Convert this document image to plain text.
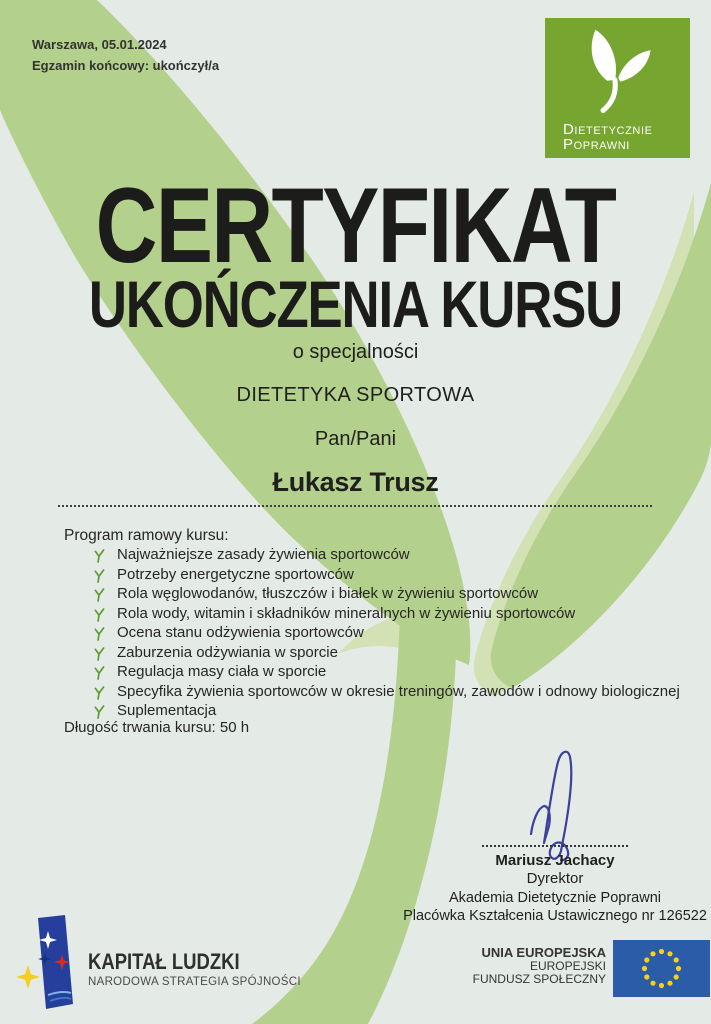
Warszawa, 05.01.2024
Egzamin końcowy: ukończył/a
Dietetycznie
Poprawni
CERTYFIKAT
UKOŃCZENIA KURSU
o specjalności
DIETETYKA SPORTOWA
Pan/Pani
Łukasz Trusz
Program ramowy kursu:
Najważniejsze zasady żywienia sportowców
Potrzeby energetyczne sportowców
Rola węglowodanów, tłuszczów i białek w żywieniu sportowców
Rola wody, witamin i składników mineralnych w żywieniu sportowców
Ocena stanu odżywienia sportowców
Zaburzenia odżywiania w sporcie
Regulacja masy ciała w sporcie
Specyfika żywienia sportowców w okresie treningów, zawodów i odnowy biologicznej
Suplementacja
Długość trwania kursu: 50 h
Mariusz Jachacy
Dyrektor
Akademia Dietetycznie Poprawni
Placówka Kształcenia Ustawicznego nr 126522
KAPITAŁ LUDZKI
NARODOWA STRATEGIA SPÓJNOŚCI
UNIA EUROPEJSKA
EUROPEJSKI
FUNDUSZ SPOŁECZNY
